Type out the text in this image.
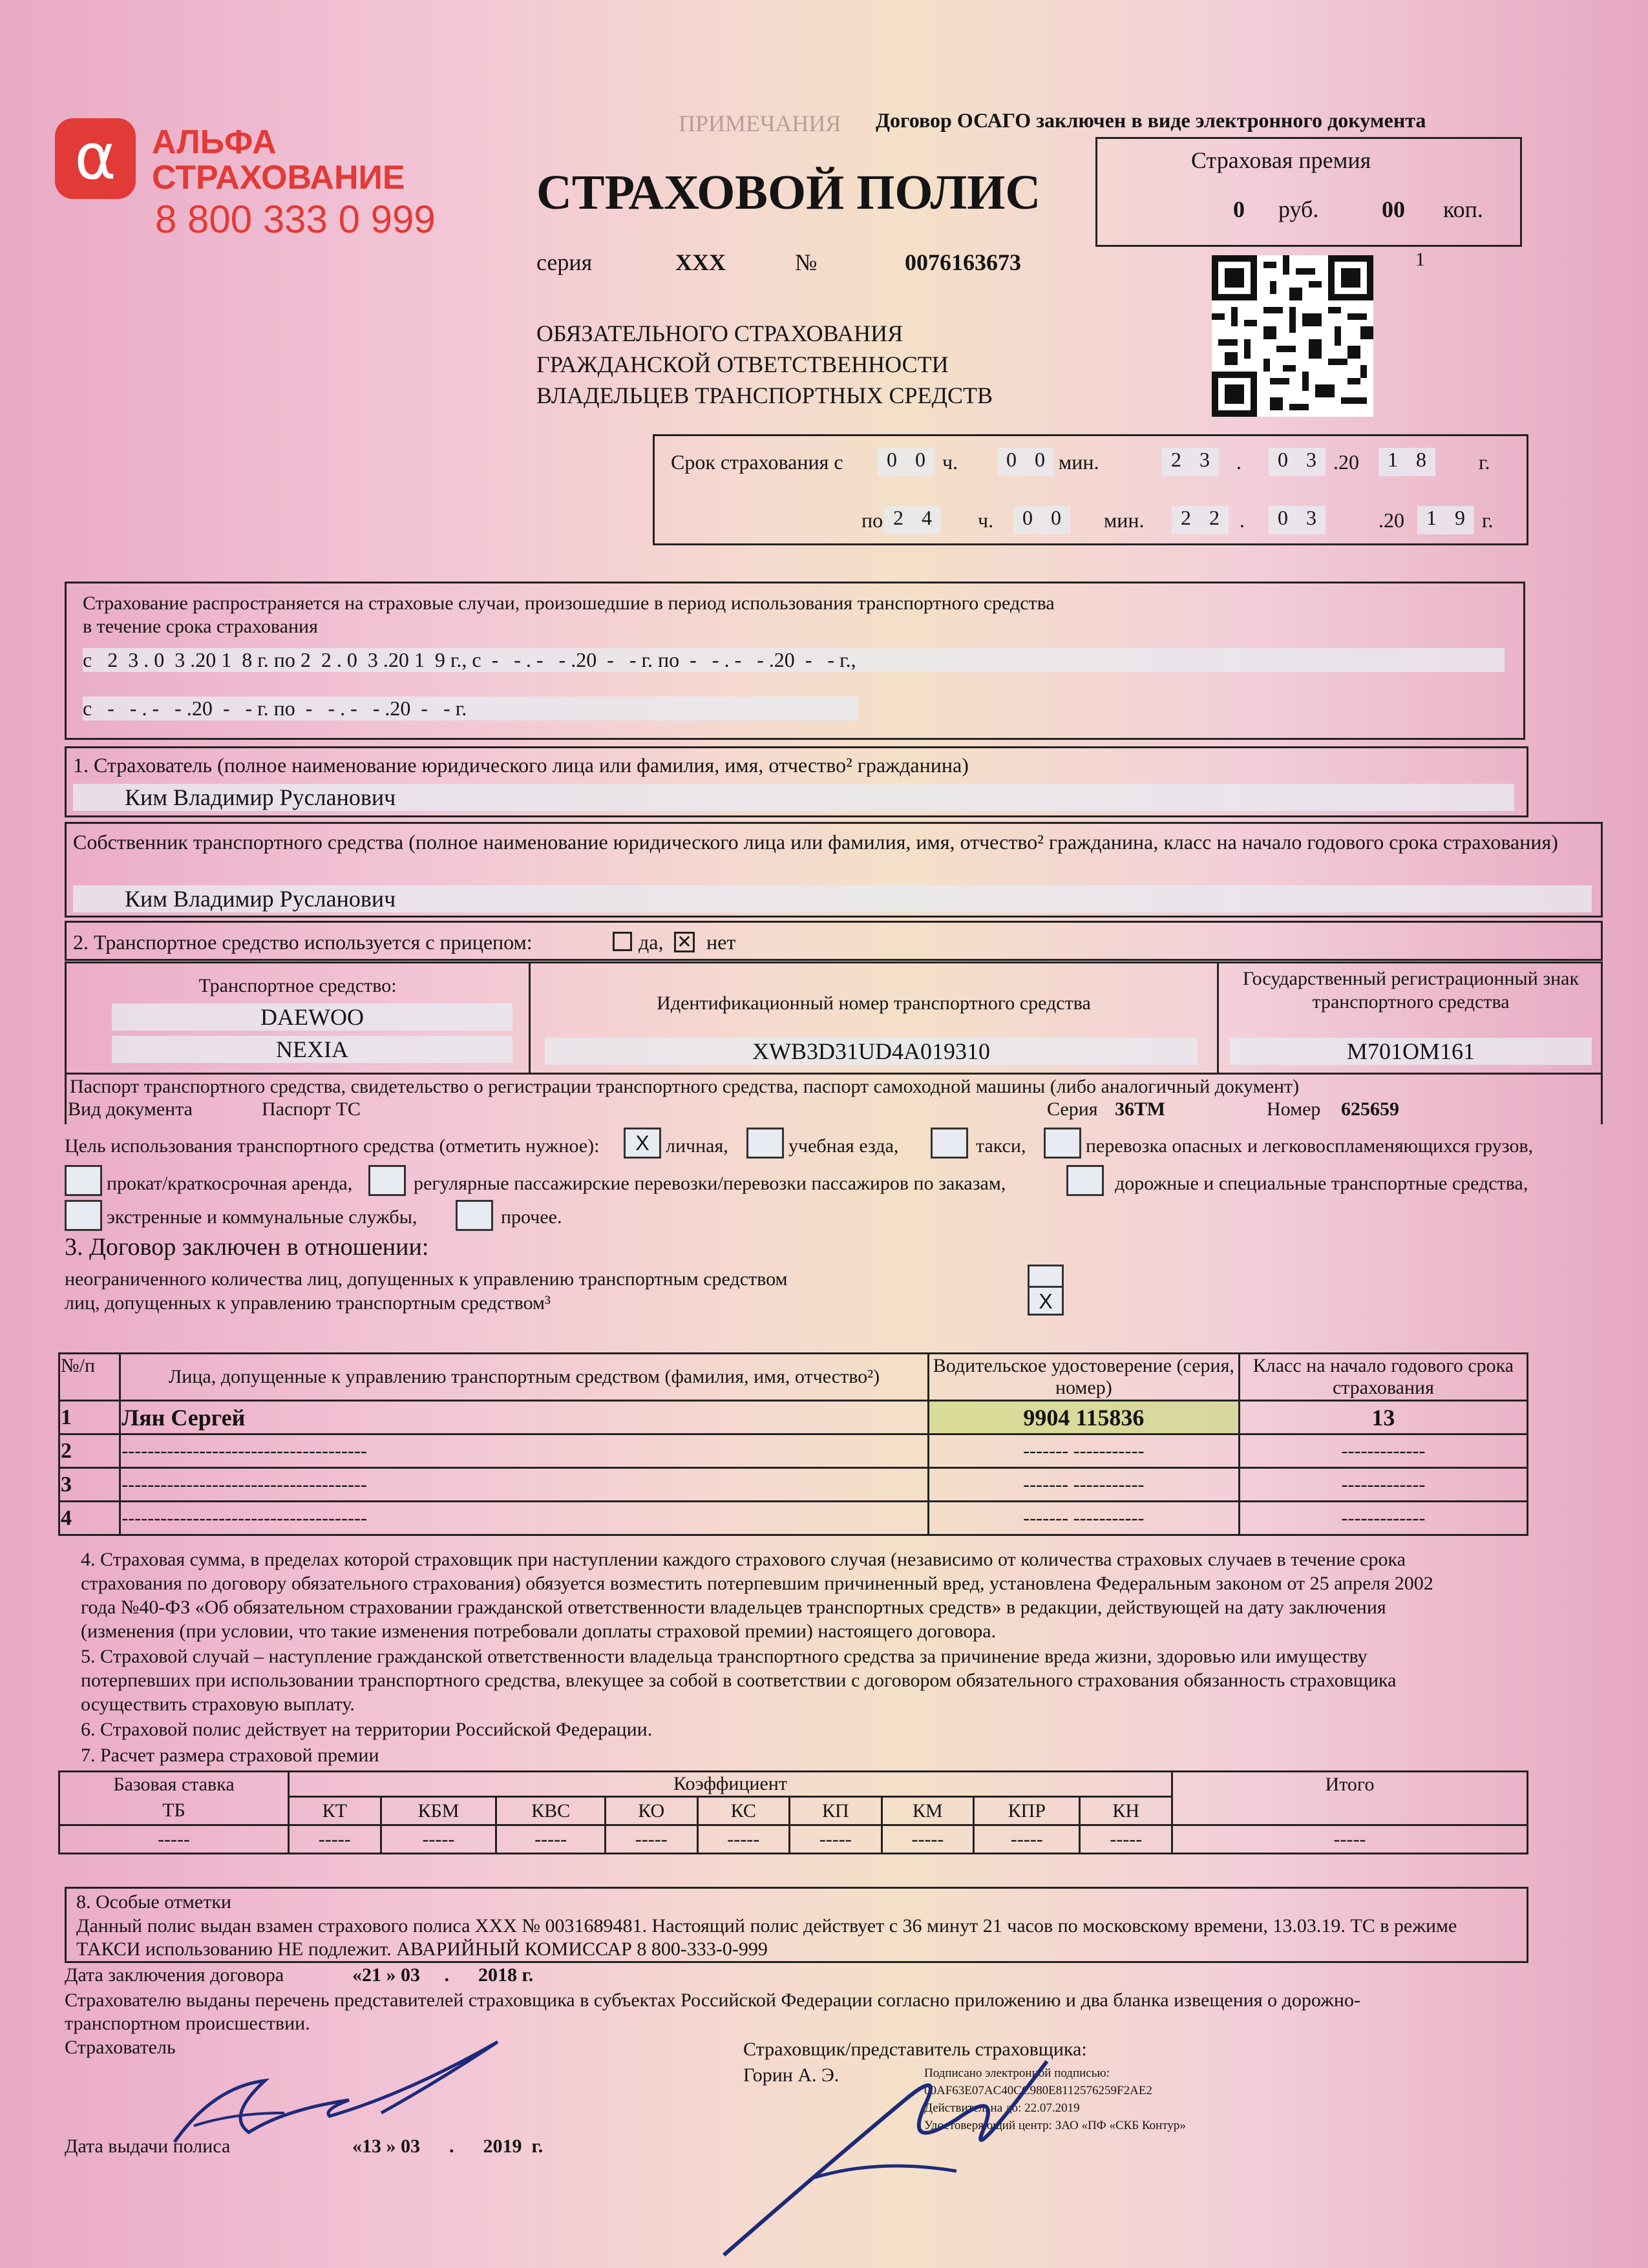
ПРИМЕЧАНИЯ Договор ОСАГО заключен в виде электронного документа
α	АЛЬФА
СТРАХОВАНИЕ
8 800 333 0 999 СТРАХОВОЙ ПОЛИС
серия	ХХХ	№	0076163673
ОБЯЗАТЕЛЬНОГО СТРАХОВАНИЯ
ГРАЖДАНСКОЙ ОТВЕТСТВЕННОСТИ
ВЛАДЕЛЬЦЕВ ТРАНСПОРТНЫХ СРЕДСТВ
Страховая премия
0 руб.	00 коп.
1
Срок страхования с	0 0 ч.	0 0 мин.	2 3	.	0 3 .20	1 8	г.
по 2 4	ч.	0 0	мин.	2 2 .	0 3	.20	1 9 г.
Страхование распространяется на страховые случаи, произошедшие в период использования транспортного средства
в течение срока страхования
с   2  3 . 0  3 .20 1  8 г. по 2  2 . 0  3 .20 1  9 г., с  -   - . -   - .20  -   - г. по  -   - . -   - .20  -   - г.,
с   -   - . -   - .20  -   - г. по  -   - . -   - .20  -   - г.
1. Страхователь (полное наименование юридического лица или фамилия, имя, отчество² гражданина)
Ким Владимир Русланович
Собственник транспортного средства (полное наименование юридического лица или фамилия, имя, отчество² гражданина, класс на начало годового срока страхования)
Ким Владимир Русланович
2. Транспортное средство используется с прицепом:	да, ✕ нет
Транспортное средство:
DAEWOO
NEXIA
Идентификационный номер транспортного средства
XWB3D31UD4A019310
Государственный регистрационный знак транспортного средства
М701ОМ161
Паспорт транспортного средства, свидетельство о регистрации транспортного средства, паспорт самоходной машины (либо аналогичный документ)
Вид документа	Паспорт ТС	Серия 36ТМ	Номер 625659
Цель использования транспортного средства (отметить нужное):	Х личная,	учебная езда,	такси,	перевозка опасных и легковоспламеняющихся грузов,
прокат/краткосрочная аренда,	регулярные пассажирские перевозки/перевозки пассажиров по заказам,	дорожные и специальные транспортные средства,
экстренные и коммунальные службы,	прочее.
3. Договор заключен в отношении:
неограниченного количества лиц, допущенных к управлению транспортным средством
лиц, допущенных к управлению транспортным средством³	Х
№/п	Лица, допущенные к управлению транспортным средством (фамилия, имя, отчество²)	Водительское удостоверение (серия, номер)	Класс на начало годового срока страхования
1	Лян Сергей	9904 115836	13
2	--------------------------------------	------- -----------	-------------
3	--------------------------------------	------- -----------	-------------
4	--------------------------------------	------- -----------	-------------
4. Страховая сумма, в пределах которой страховщик при наступлении каждого страхового случая (независимо от количества страховых случаев в течение срока страхования по договору обязательного страхования) обязуется возместить потерпевшим причиненный вред, установлена Федеральным законом от 25 апреля 2002 года №40-ФЗ «Об обязательном страховании гражданской ответственности владельцев транспортных средств» в редакции, действующей на дату заключения (изменения (при условии, что такие изменения потребовали доплаты страховой премии) настоящего договора.
5. Страховой случай – наступление гражданской ответственности владельца транспортного средства за причинение вреда жизни, здоровью или имуществу потерпевших при использовании транспортного средства, влекущее за собой в соответствии с договором обязательного страхования обязанность страховщика осуществить страховую выплату.
6. Страховой полис действует на территории Российской Федерации.
7. Расчет размера страховой премии
Базовая ставка	Коэффициент									Итого
ТБ	КТ	КБМ	КВС	КО	КС	КП	КМ	КПР	КН	
-----	-----	-----	-----	-----	-----	-----	-----	-----	-----	-----
8. Особые отметки
Данный полис выдан взамен страхового полиса ХХХ № 0031689481. Настоящий полис действует с 36 минут 21 часов по московскому времени, 13.03.19. ТС в режиме ТАКСИ использованию НЕ подлежит. АВАРИЙНЫЙ КОМИССАР 8 800-333-0-999
Дата заключения договора	«21 » 03     .      2018 г.
Страхователю выданы перечень представителей страховщика в субъектах Российской Федерации согласно приложению и два бланка извещения о дорожно-транспортном происшествии.
Страхователь	Страховщик/представитель страховщика:
Горин А. Э.	Подписано электронной подписью:
00AF63E07AC40CC980E8112576259F2AE2
Действительна до: 22.07.2019
Удостоверяющий центр: ЗАО «ПФ «СКБ Контур»
Дата выдачи полиса	«13 » 03      .      2019  г.
